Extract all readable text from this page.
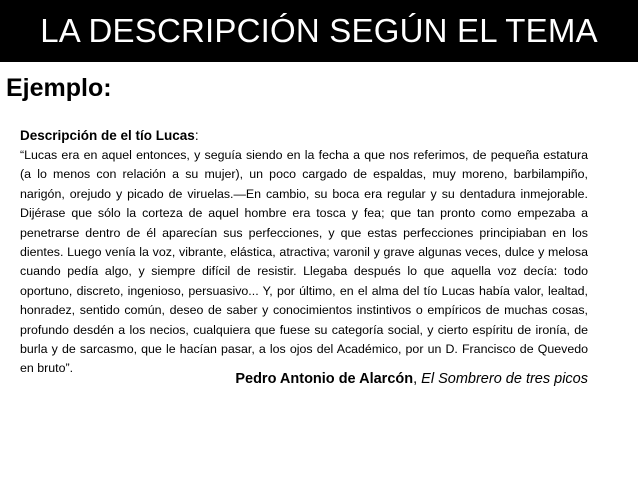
LA DESCRIPCIÓN SEGÚN EL TEMA
Ejemplo:
Descripción de el tío Lucas:
“Lucas era en aquel entonces, y seguía siendo en la fecha a que nos referimos, de pequeña estatura (a lo menos con relación a su mujer), un poco cargado de espaldas, muy moreno, barbilampiño, narigón, orejudo y picado de viruelas.—En cambio, su boca era regular y su dentadura inmejorable. Dijérase que sólo la corteza de aquel hombre era tosca y fea; que tan pronto como empezaba a penetrarse dentro de él aparecían sus perfecciones, y que estas perfecciones principiaban en los dientes. Luego venía la voz, vibrante, elástica, atractiva; varonil y grave algunas veces, dulce y melosa cuando pedía algo, y siempre difícil de resistir. Llegaba después lo que aquella voz decía: todo oportuno, discreto, ingenioso, persuasivo... Y, por último, en el alma del tío Lucas había valor, lealtad, honradez, sentido común, deseo de saber y conocimientos instintivos o empíricos de muchas cosas, profundo desdén a los necios, cualquiera que fuese su categoría social, y cierto espíritu de ironía, de burla y de sarcasmo, que le hacían pasar, a los ojos del Académico, por un D. Francisco de Quevedo en bruto”.
Pedro Antonio de Alarcón, El Sombrero de tres picos
